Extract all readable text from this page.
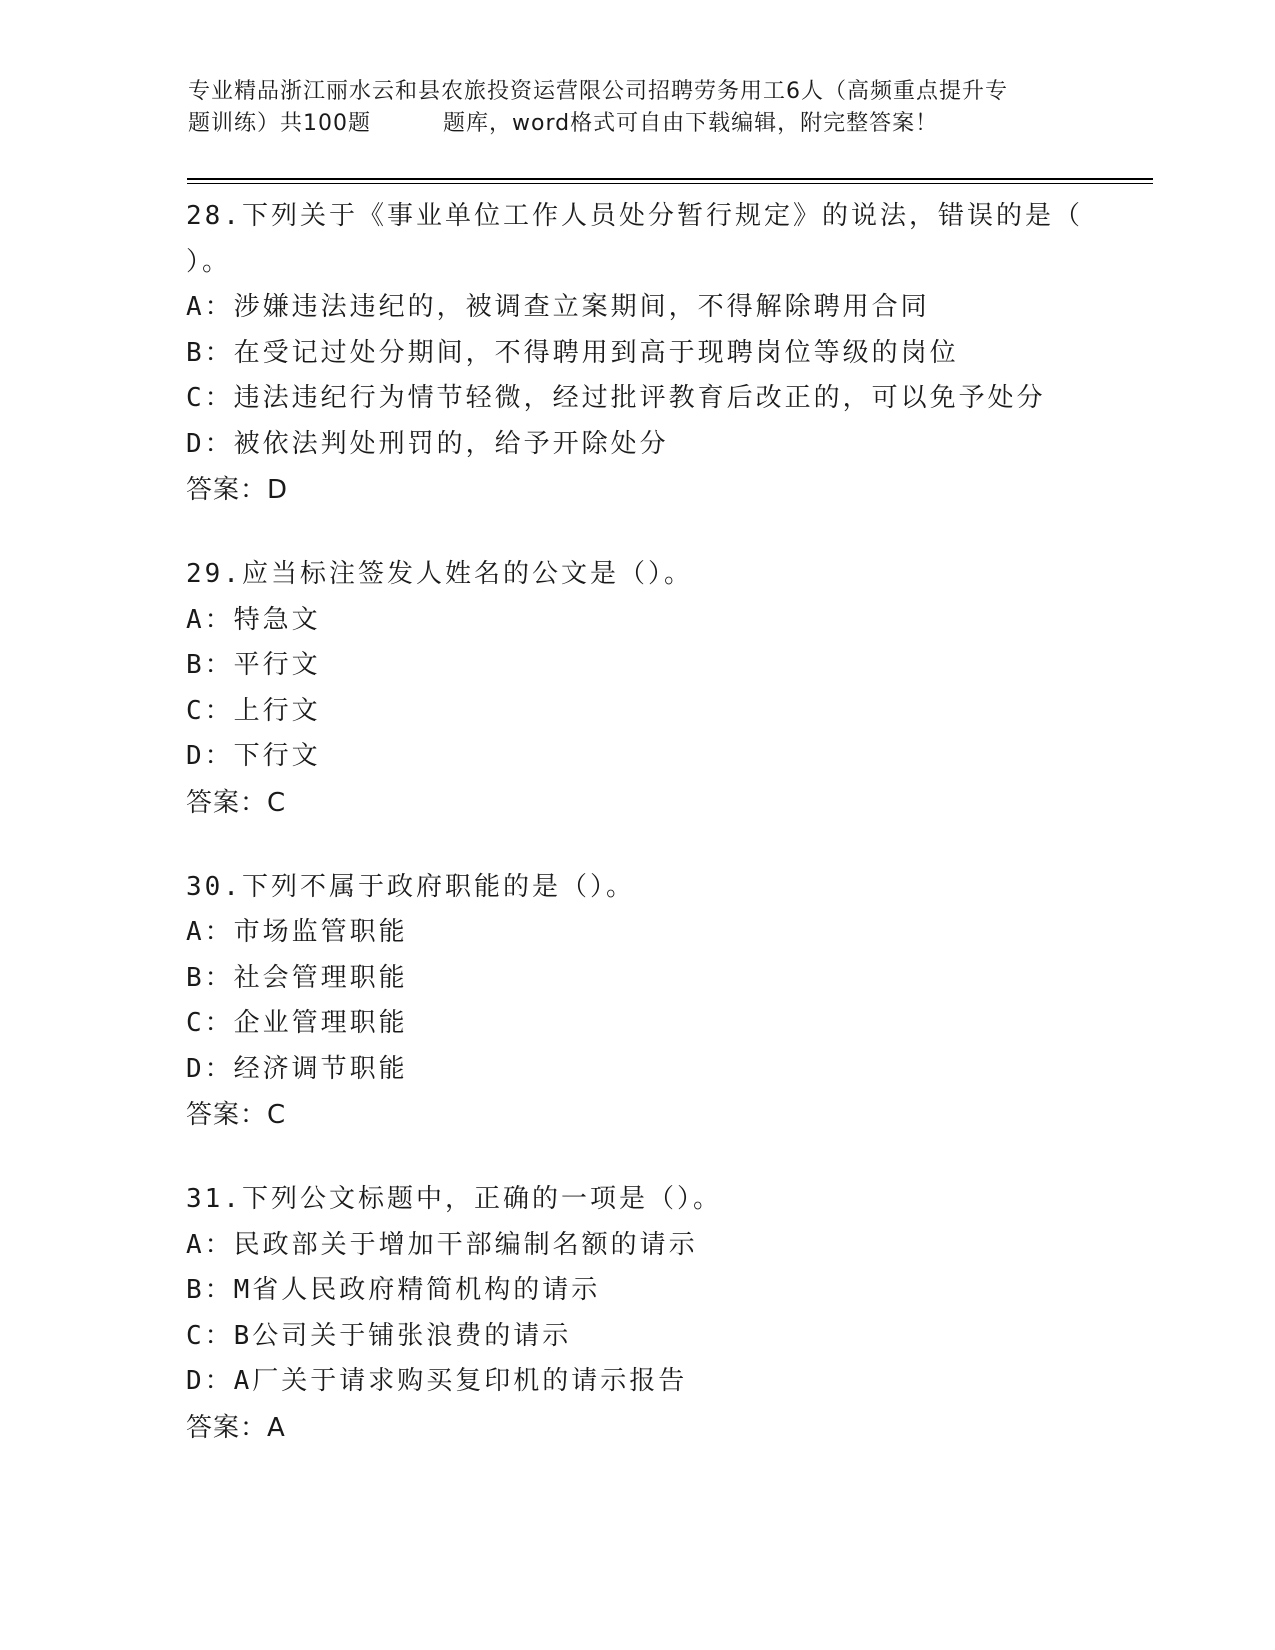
专业精品浙江丽水云和县农旅投资运营限公司招聘劳务用工6人（高频重点提升专
题训练）共100题	题库，word格式可自由下载编辑，附完整答案！
28.下列关于《事业单位工作人员处分暂行规定》的说法，错误的是（
）。
A：涉嫌违法违纪的，被调查立案期间，不得解除聘用合同
B：在受记过处分期间，不得聘用到高于现聘岗位等级的岗位
C：违法违纪行为情节轻微，经过批评教育后改正的，可以免予处分
D：被依法判处刑罚的，给予开除处分
答案：D
29.应当标注签发人姓名的公文是（）。
A：特急文
B：平行文
C：上行文
D：下行文
答案：C
30.下列不属于政府职能的是（）。
A：市场监管职能
B：社会管理职能
C：企业管理职能
D：经济调节职能
答案：C
31.下列公文标题中，正确的一项是（）。
A：民政部关于增加干部编制名额的请示
B：M省人民政府精简机构的请示
C：B公司关于铺张浪费的请示
D：A厂关于请求购买复印机的请示报告
答案：A
